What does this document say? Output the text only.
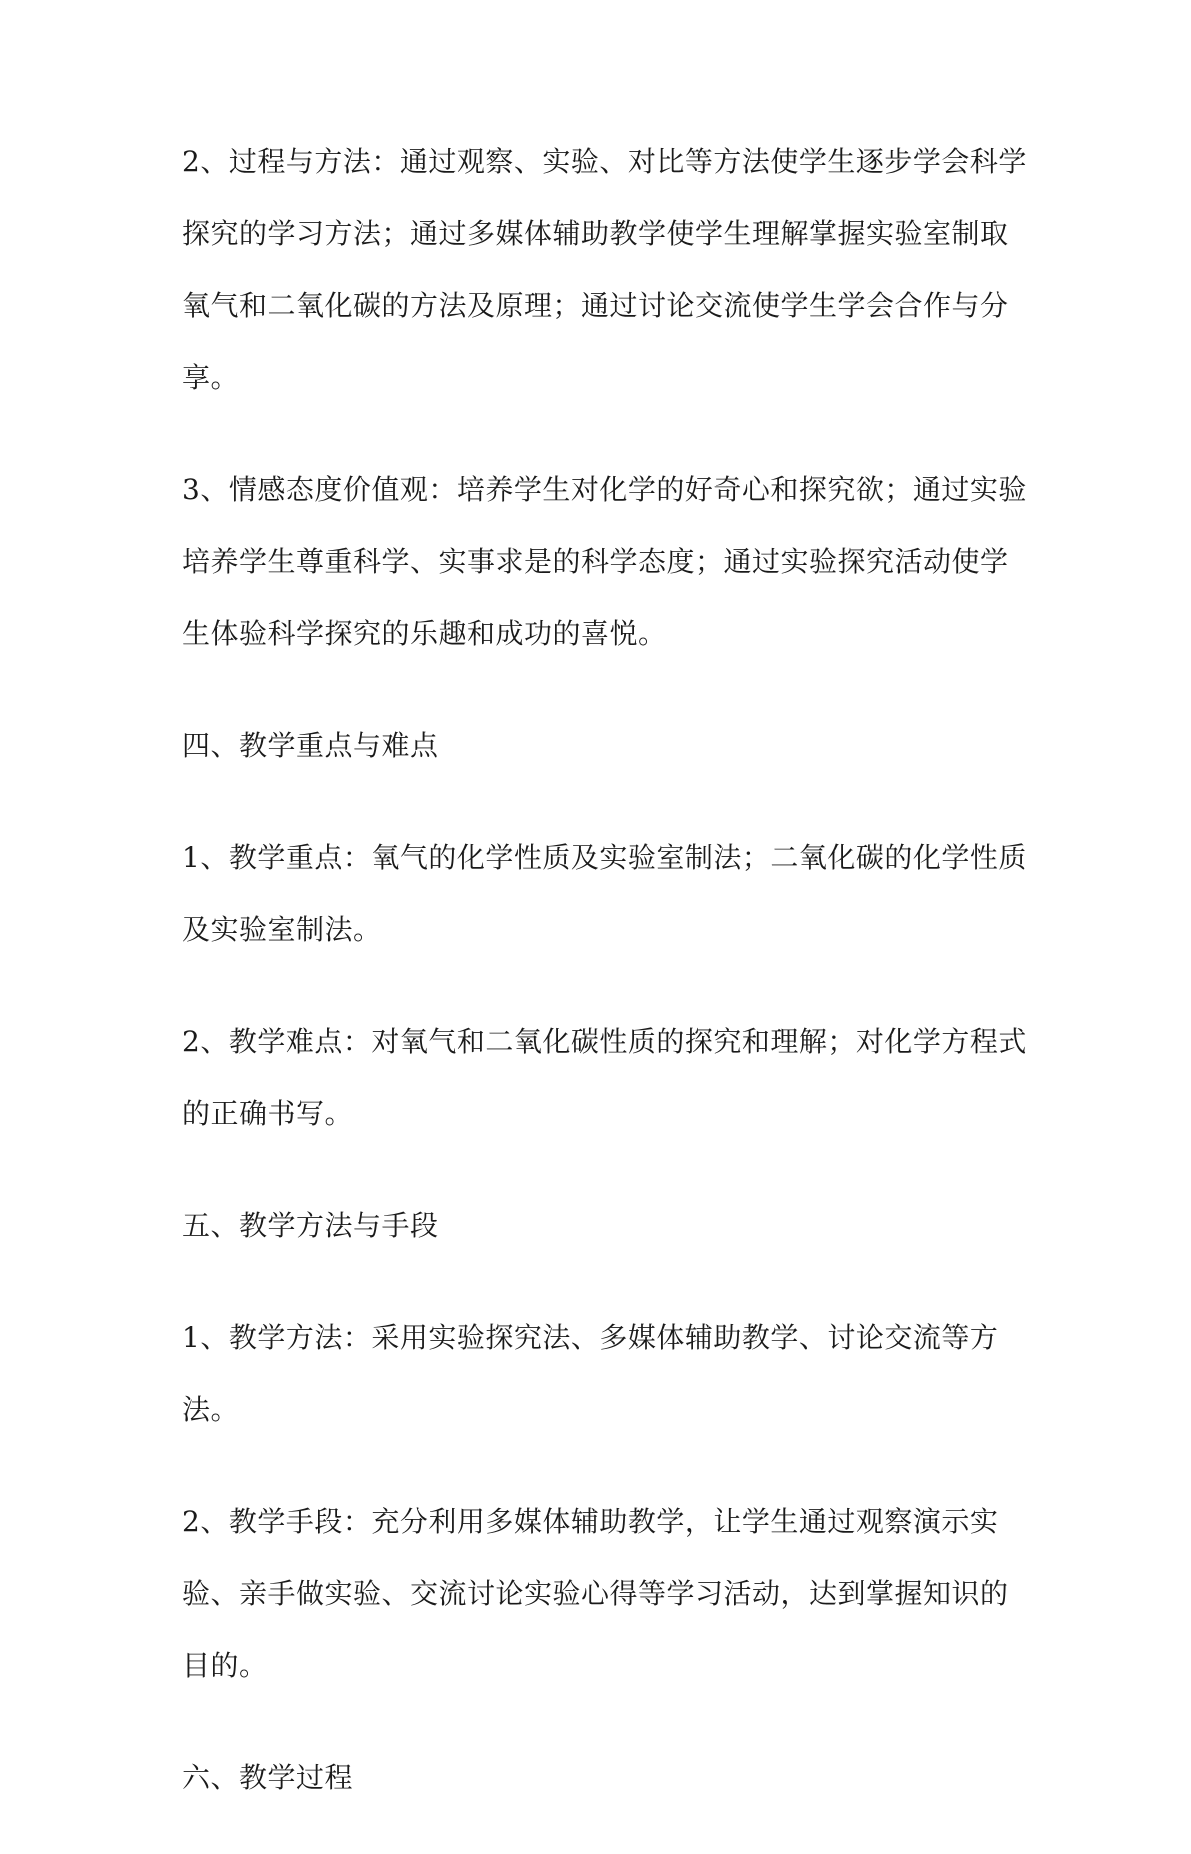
2、过程与方法：通过观察、实验、对比等方法使学生逐步学会科学探究的学习方法；通过多媒体辅助教学使学生理解掌握实验室制取氧气和二氧化碳的方法及原理；通过讨论交流使学生学会合作与分享。

3、情感态度价值观：培养学生对化学的好奇心和探究欲；通过实验培养学生尊重科学、实事求是的科学态度；通过实验探究活动使学生体验科学探究的乐趣和成功的喜悦。

四、教学重点与难点

1、教学重点：氧气的化学性质及实验室制法；二氧化碳的化学性质及实验室制法。

2、教学难点：对氧气和二氧化碳性质的探究和理解；对化学方程式的正确书写。

五、教学方法与手段

1、教学方法：采用实验探究法、多媒体辅助教学、讨论交流等方法。

2、教学手段：充分利用多媒体辅助教学，让学生通过观察演示实验、亲手做实验、交流讨论实验心得等学习活动，达到掌握知识的目的。

六、教学过程
